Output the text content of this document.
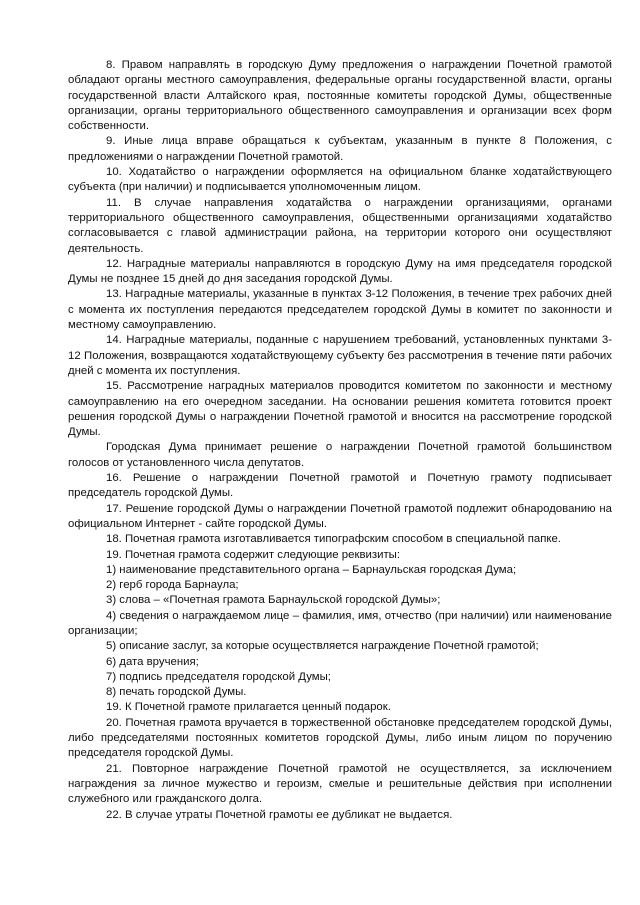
8. Правом направлять в городскую Думу предложения о награждении Почетной грамотой обладают органы местного самоуправления, федеральные органы государственной власти, органы государственной власти Алтайского края, постоянные комитеты городской Думы, общественные организации, органы территориального общественного самоуправления и организации всех форм собственности.

9. Иные лица вправе обращаться к субъектам, указанным в пункте 8 Положения, с предложениями о награждении Почетной грамотой.

10. Ходатайство о награждении оформляется на официальном бланке ходатайствующего субъекта (при наличии) и подписывается уполномоченным лицом.

11. В случае направления ходатайства о награждении организациями, органами территориального общественного самоуправления, общественными организациями ходатайство согласовывается с главой администрации района, на территории которого они осуществляют деятельность.

12. Наградные материалы направляются в городскую Думу на имя председателя городской Думы не позднее 15 дней до дня заседания городской Думы.

13. Наградные материалы, указанные в пунктах 3-12 Положения, в течение трех рабочих дней с момента их поступления передаются председателем городской Думы в комитет по законности и местному самоуправлению.

14. Наградные материалы, поданные с нарушением требований, установленных пунктами 3-12 Положения, возвращаются ходатайствующему субъекту без рассмотрения в течение пяти рабочих дней с момента их поступления.

15. Рассмотрение наградных материалов проводится комитетом по законности и местному самоуправлению на его очередном заседании. На основании решения комитета готовится проект решения городской Думы о награждении Почетной грамотой и вносится на рассмотрение городской Думы.

Городская Дума принимает решение о награждении Почетной грамотой большинством голосов от установленного числа депутатов.

16. Решение о награждении Почетной грамотой и Почетную грамоту подписывает председатель городской Думы.

17. Решение городской Думы о награждении Почетной грамотой подлежит обнародованию на официальном Интернет - сайте городской Думы.

18. Почетная грамота изготавливается типографским способом в специальной папке.

19. Почетная грамота содержит следующие реквизиты:

1) наименование представительного органа – Барнаульская городская Дума;

2) герб города Барнаула;

3) слова – «Почетная грамота Барнаульской городской Думы»;

4) сведения о награждаемом лице – фамилия, имя, отчество (при наличии) или наименование организации;

5) описание заслуг, за которые осуществляется награждение Почетной грамотой;

6) дата вручения;

7) подпись председателя городской Думы;

8) печать городской Думы.

19. К Почетной грамоте прилагается ценный подарок.

20. Почетная грамота вручается в торжественной обстановке председателем городской Думы, либо председателями постоянных комитетов городской Думы, либо иным лицом по поручению председателя городской Думы.

21. Повторное награждение Почетной грамотой не осуществляется, за исключением награждения за личное мужество и героизм, смелые и решительные действия при исполнении служебного или гражданского долга.

22. В случае утраты Почетной грамоты ее дубликат не выдается.
